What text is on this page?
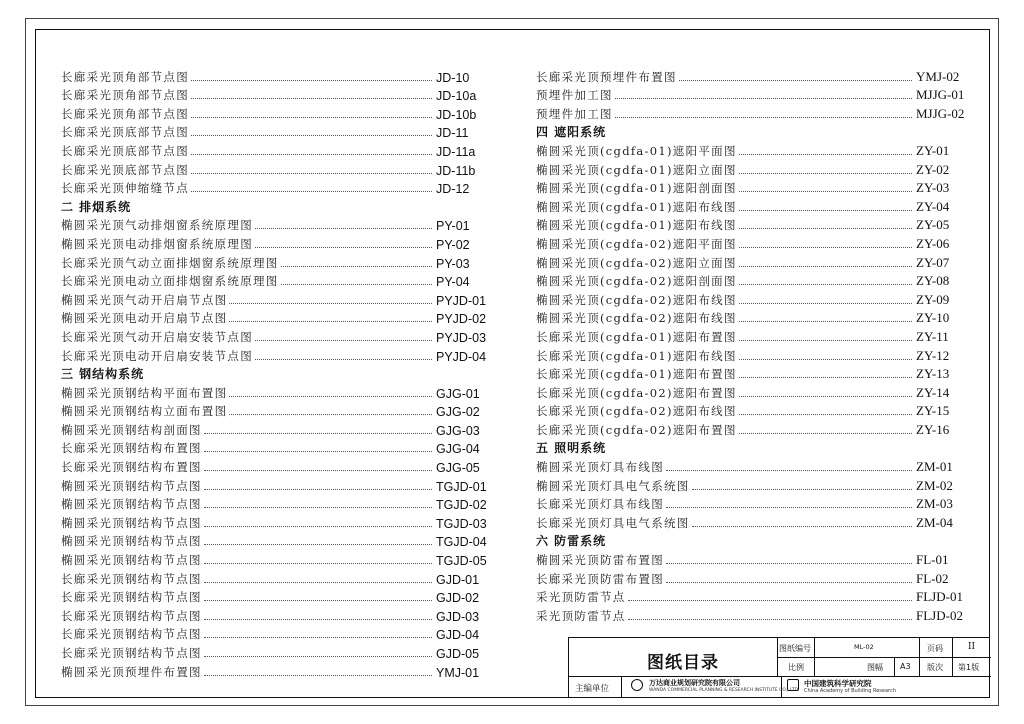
长廊采光顶角部节点图	JD-10
长廊采光顶角部节点图	JD-10a
长廊采光顶角部节点图	JD-10b
长廊采光顶底部节点图	JD-11
长廊采光顶底部节点图	JD-11a
长廊采光顶底部节点图	JD-11b
长廊采光顶伸缩缝节点	JD-12
二 排烟系统
椭圆采光顶气动排烟窗系统原理图	PY-01
椭圆采光顶电动排烟窗系统原理图	PY-02
长廊采光顶气动立面排烟窗系统原理图	PY-03
长廊采光顶电动立面排烟窗系统原理图	PY-04
椭圆采光顶气动开启扇节点图	PYJD-01
椭圆采光顶电动开启扇节点图	PYJD-02
长廊采光顶气动开启扇安装节点图	PYJD-03
长廊采光顶电动开启扇安装节点图	PYJD-04
三 钢结构系统
椭圆采光顶钢结构平面布置图	GJG-01
椭圆采光顶钢结构立面布置图	GJG-02
椭圆采光顶钢结构剖面图	GJG-03
长廊采光顶钢结构布置图	GJG-04
长廊采光顶钢结构布置图	GJG-05
椭圆采光顶钢结构节点图	TGJD-01
椭圆采光顶钢结构节点图	TGJD-02
椭圆采光顶钢结构节点图	TGJD-03
椭圆采光顶钢结构节点图	TGJD-04
椭圆采光顶钢结构节点图	TGJD-05
长廊采光顶钢结构节点图	GJD-01
长廊采光顶钢结构节点图	GJD-02
长廊采光顶钢结构节点图	GJD-03
长廊采光顶钢结构节点图	GJD-04
长廊采光顶钢结构节点图	GJD-05
椭圆采光顶预埋件布置图	YMJ-01
长廊采光顶预埋件布置图	YMJ-02
预埋件加工图	MJJG-01
预埋件加工图	MJJG-02
四 遮阳系统
椭圆采光顶(cgdfa-01)遮阳平面图	ZY-01
椭圆采光顶(cgdfa-01)遮阳立面图	ZY-02
椭圆采光顶(cgdfa-01)遮阳剖面图	ZY-03
椭圆采光顶(cgdfa-01)遮阳布线图	ZY-04
椭圆采光顶(cgdfa-01)遮阳布线图	ZY-05
椭圆采光顶(cgdfa-02)遮阳平面图	ZY-06
椭圆采光顶(cgdfa-02)遮阳立面图	ZY-07
椭圆采光顶(cgdfa-02)遮阳剖面图	ZY-08
椭圆采光顶(cgdfa-02)遮阳布线图	ZY-09
椭圆采光顶(cgdfa-02)遮阳布线图	ZY-10
长廊采光顶(cgdfa-01)遮阳布置图	ZY-11
长廊采光顶(cgdfa-01)遮阳布线图	ZY-12
长廊采光顶(cgdfa-01)遮阳布置图	ZY-13
长廊采光顶(cgdfa-02)遮阳布置图	ZY-14
长廊采光顶(cgdfa-02)遮阳布线图	ZY-15
长廊采光顶(cgdfa-02)遮阳布置图	ZY-16
五 照明系统
椭圆采光顶灯具布线图	ZM-01
椭圆采光顶灯具电气系统图	ZM-02
长廊采光顶灯具布线图	ZM-03
长廊采光顶灯具电气系统图	ZM-04
六 防雷系统
椭圆采光顶防雷布置图	FL-01
长廊采光顶防雷布置图	FL-02
采光顶防雷节点	FLJD-01
采光顶防雷节点	FLJD-02
图纸目录
图纸编号	ML-02	页码	II
比例	图幅 A3 版次 第1版
主编单位
万达商业规划研究院有限公司
WANDA COMMERCIAL PLANNING & RESEARCH INSTITUTE CO., LTD
中国建筑科学研究院
China Academy of Building Research
